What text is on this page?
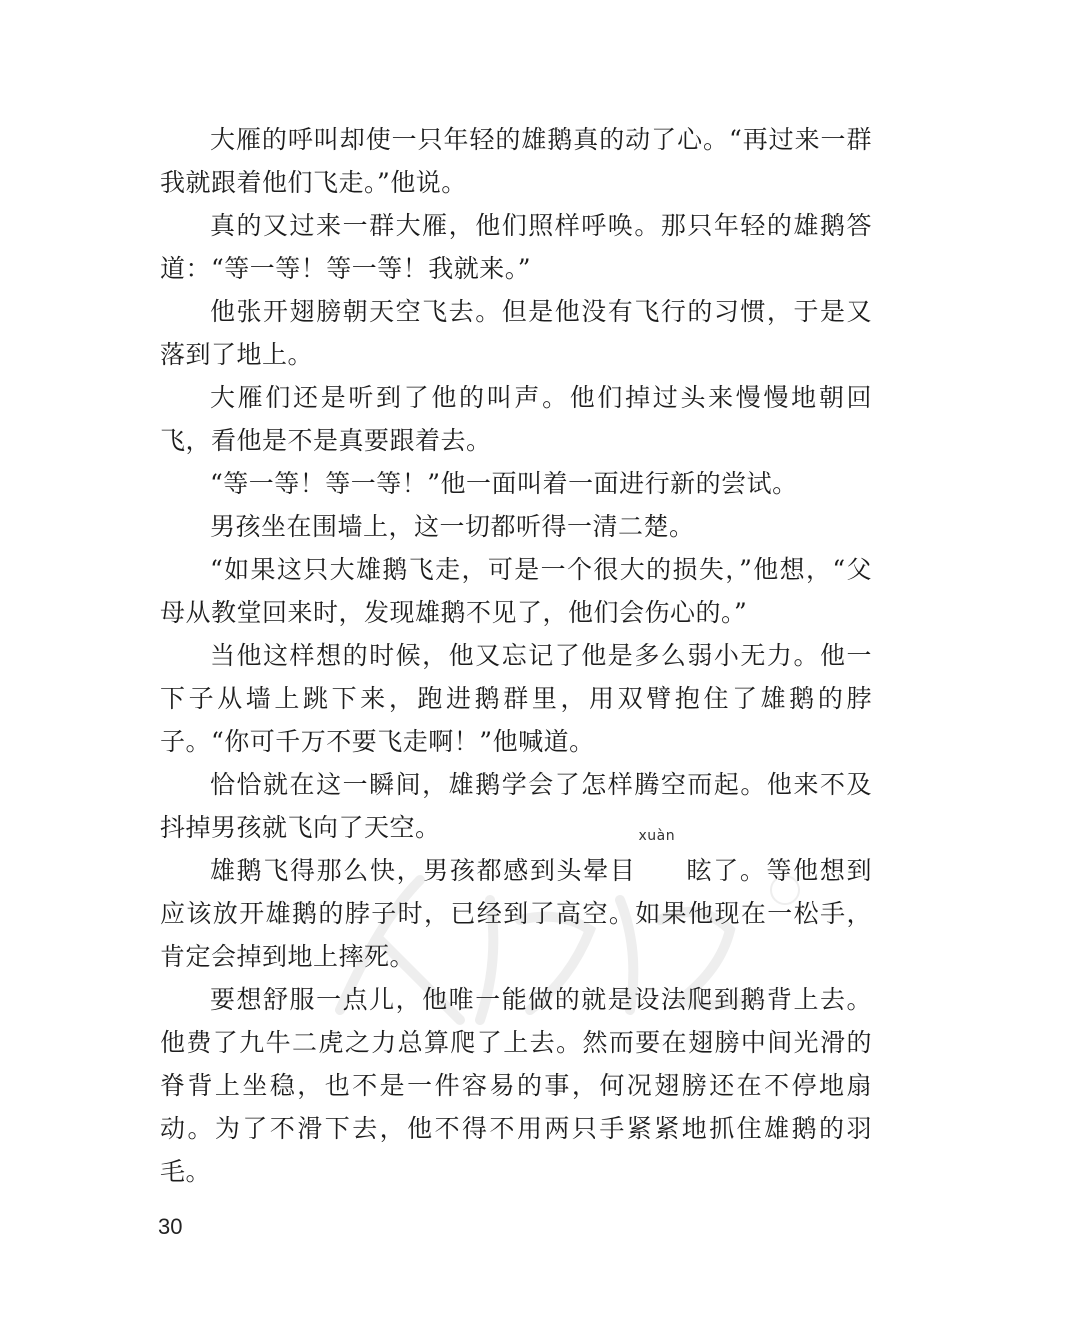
大雁的呼叫却使一只年轻的雄鹅真的动了心。“再过来一群我就跟着他们飞走。”他说。

真的又过来一群大雁，他们照样呼唤。那只年轻的雄鹅答道：“等一等！等一等！我就来。”

他张开翅膀朝天空飞去。但是他没有飞行的习惯，于是又落到了地上。

大雁们还是听到了他的叫声。他们掉过头来慢慢地朝回飞，看他是不是真要跟着去。

“等一等！等一等！”他一面叫着一面进行新的尝试。

男孩坐在围墙上，这一切都听得一清二楚。

“如果这只大雄鹅飞走，可是一个很大的损失，”他想，“父母从教堂回来时，发现雄鹅不见了，他们会伤心的。”

当他这样想的时候，他又忘记了他是多么弱小无力。他一下子从墙上跳下来，跑进鹅群里，用双臂抱住了雄鹅的脖子。“你可千万不要飞走啊！”他喊道。

恰恰就在这一瞬间，雄鹅学会了怎样腾空而起。他来不及抖掉男孩就飞向了天空。

雄鹅飞得那么快，男孩都感到头晕目
xuàn
眩了。等他想到应该放开雄鹅的脖子时，已经到了高空。如果他现在一松手，肯定会掉到地上摔死。

要想舒服一点儿，他唯一能做的就是设法爬到鹅背上去。他费了九牛二虎之力总算爬了上去。然而要在翅膀中间光滑的脊背上坐稳，也不是一件容易的事，何况翅膀还在不停地扇动。为了不滑下去，他不得不用两只手紧紧地抓住雄鹅的羽毛。

30
